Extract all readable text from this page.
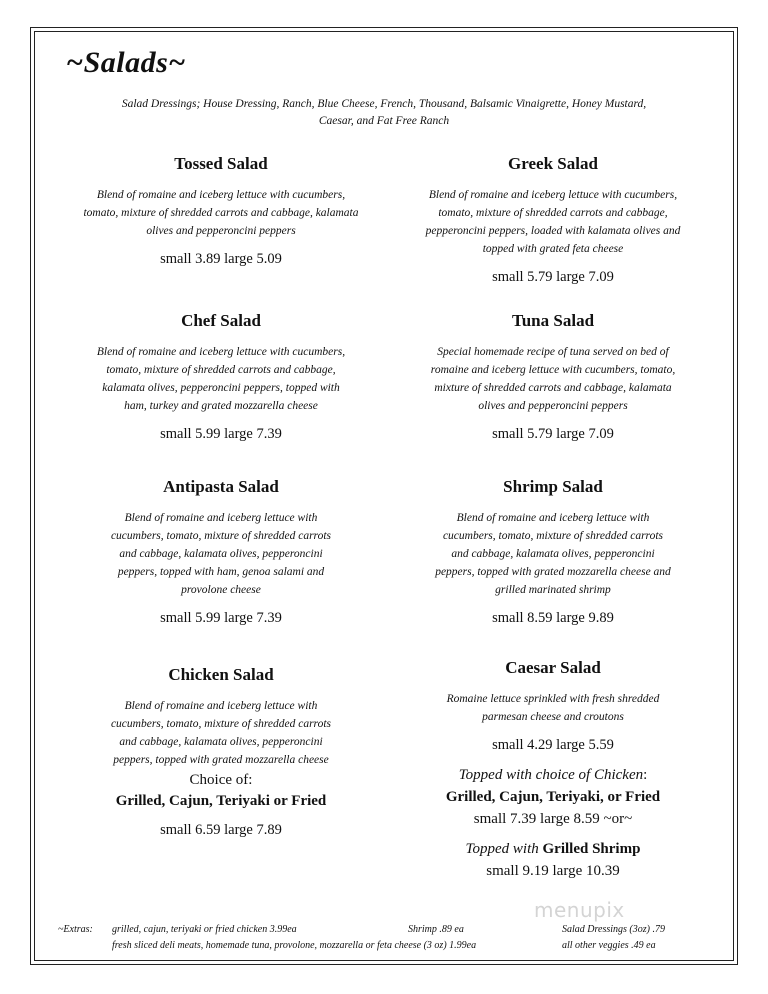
~Salads~
Salad Dressings; House Dressing, Ranch, Blue Cheese, French, Thousand, Balsamic Vinaigrette, Honey Mustard,
Caesar, and Fat Free Ranch
Tossed Salad
Blend of romaine and iceberg lettuce with cucumbers,
tomato, mixture of shredded carrots and cabbage, kalamata
olives and pepperoncini peppers
small 3.89 large 5.09
Chef Salad
Blend of romaine and iceberg lettuce with cucumbers,
tomato, mixture of shredded carrots and cabbage,
kalamata olives, pepperoncini peppers, topped with
ham, turkey and grated mozzarella cheese
small 5.99 large 7.39
Antipasta Salad
Blend of romaine and iceberg lettuce with
cucumbers, tomato, mixture of shredded carrots
and cabbage, kalamata olives, pepperoncini
peppers, topped with ham, genoa salami and
provolone cheese
small 5.99 large 7.39
Chicken Salad
Blend of romaine and iceberg lettuce with
cucumbers, tomato, mixture of shredded carrots
and cabbage, kalamata olives, pepperoncini
peppers, topped with grated mozzarella cheese
Choice of:
Grilled, Cajun, Teriyaki or Fried
small 6.59 large 7.89
Greek Salad
Blend of romaine and iceberg lettuce with cucumbers,
tomato, mixture of shredded carrots and cabbage,
pepperoncini peppers, loaded with kalamata olives and
topped with grated feta cheese
small 5.79 large 7.09
Tuna Salad
Special homemade recipe of tuna served on bed of
romaine and iceberg lettuce with cucumbers, tomato,
mixture of shredded carrots and cabbage, kalamata
olives and pepperoncini peppers
small 5.79 large 7.09
Shrimp Salad
Blend of romaine and iceberg lettuce with
cucumbers, tomato, mixture of shredded carrots
and cabbage, kalamata olives, pepperoncini
peppers, topped with grated mozzarella cheese and
grilled marinated shrimp
small 8.59 large 9.89
Caesar Salad
Romaine lettuce sprinkled with fresh shredded
parmesan cheese and croutons
small 4.29 large 5.59
Topped with choice of Chicken:
Grilled, Cajun, Teriyaki, or Fried
small 7.39 large 8.59 ~or~
Topped with Grilled Shrimp
small 9.19 large 10.39
~Extras: grilled, cajun, teriyaki or fried chicken 3.99ea
fresh sliced deli meats, homemade tuna, provolone, mozzarella or feta cheese (3 oz) 1.99ea
Shrimp .89 ea	Salad Dressings (3oz) .79
all other veggies .49 ea
menupix
